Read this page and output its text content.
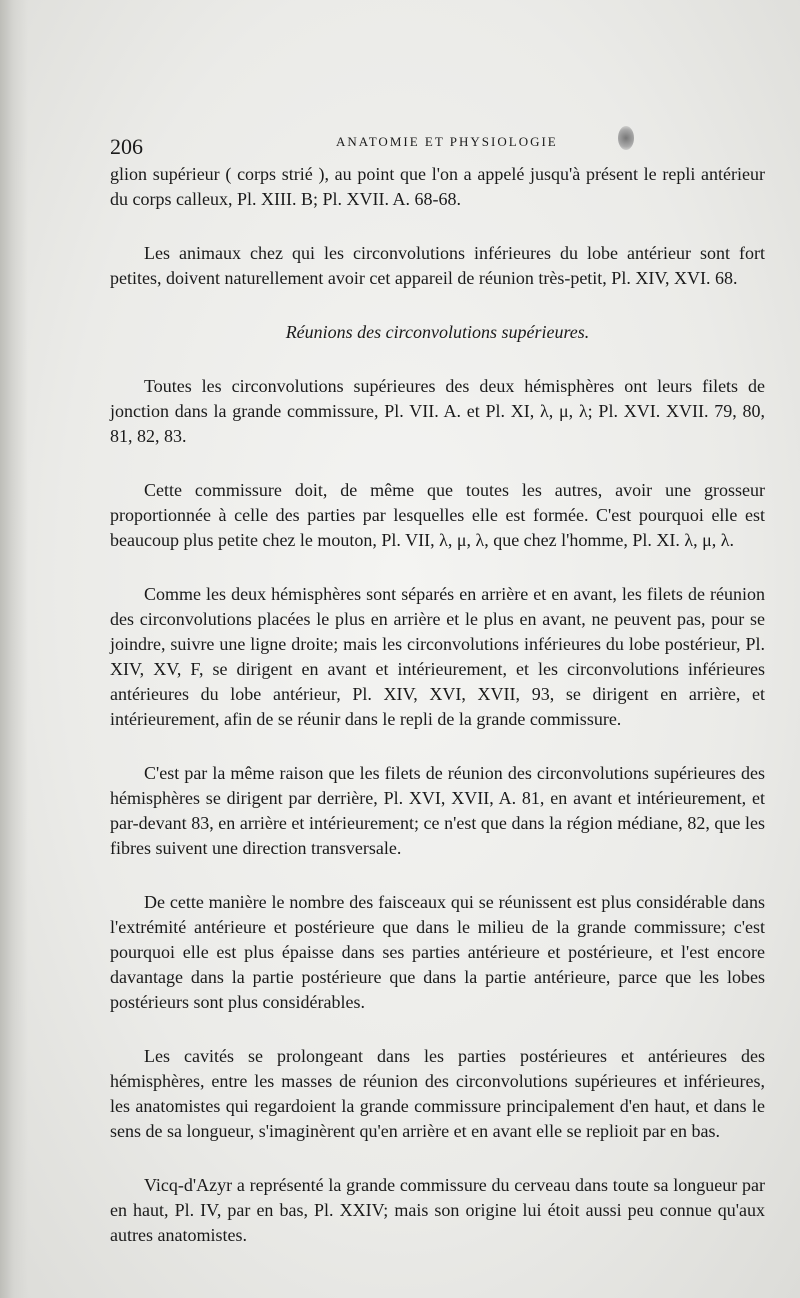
206	ANATOMIE ET PHYSIOLOGIE

glion supérieur ( corps strié ), au point que l'on a appelé jusqu'à présent le repli antérieur du corps calleux, Pl. XIII. B; Pl. XVII. A. 68-68.

Les animaux chez qui les circonvolutions inférieures du lobe antérieur sont fort petites, doivent naturellement avoir cet appareil de réunion très-petit, Pl. XIV, XVI. 68.

Réunions des circonvolutions supérieures.

Toutes les circonvolutions supérieures des deux hémisphères ont leurs filets de jonction dans la grande commissure, Pl. VII. A. et Pl. XI, λ, μ, λ; Pl. XVI. XVII. 79, 80, 81, 82, 83.

Cette commissure doit, de même que toutes les autres, avoir une grosseur proportionnée à celle des parties par lesquelles elle est formée. C'est pourquoi elle est beaucoup plus petite chez le mouton, Pl. VII, λ, μ, λ, que chez l'homme, Pl. XI. λ, μ, λ.

Comme les deux hémisphères sont séparés en arrière et en avant, les filets de réunion des circonvolutions placées le plus en arrière et le plus en avant, ne peuvent pas, pour se joindre, suivre une ligne droite; mais les circonvolutions inférieures du lobe postérieur, Pl. XIV, XV, F, se dirigent en avant et intérieurement, et les circonvolutions inférieures antérieures du lobe antérieur, Pl. XIV, XVI, XVII, 93, se dirigent en arrière, et intérieurement, afin de se réunir dans le repli de la grande commissure.

C'est par la même raison que les filets de réunion des circonvolutions supérieures des hémisphères se dirigent par derrière, Pl. XVI, XVII, A. 81, en avant et intérieurement, et par-devant 83, en arrière et intérieurement; ce n'est que dans la région médiane, 82, que les fibres suivent une direction transversale.

De cette manière le nombre des faisceaux qui se réunissent est plus considérable dans l'extrémité antérieure et postérieure que dans le milieu de la grande commissure; c'est pourquoi elle est plus épaisse dans ses parties antérieure et postérieure, et l'est encore davantage dans la partie postérieure que dans la partie antérieure, parce que les lobes postérieurs sont plus considérables.

Les cavités se prolongeant dans les parties postérieures et antérieures des hémisphères, entre les masses de réunion des circonvolutions supérieures et inférieures, les anatomistes qui regardoient la grande commissure principalement d'en haut, et dans le sens de sa longueur, s'imaginèrent qu'en arrière et en avant elle se replioit par en bas.

Vicq-d'Azyr a représenté la grande commissure du cerveau dans toute sa longueur par en haut, Pl. IV, par en bas, Pl. XXIV; mais son origine lui étoit aussi peu connue qu'aux autres anatomistes.
